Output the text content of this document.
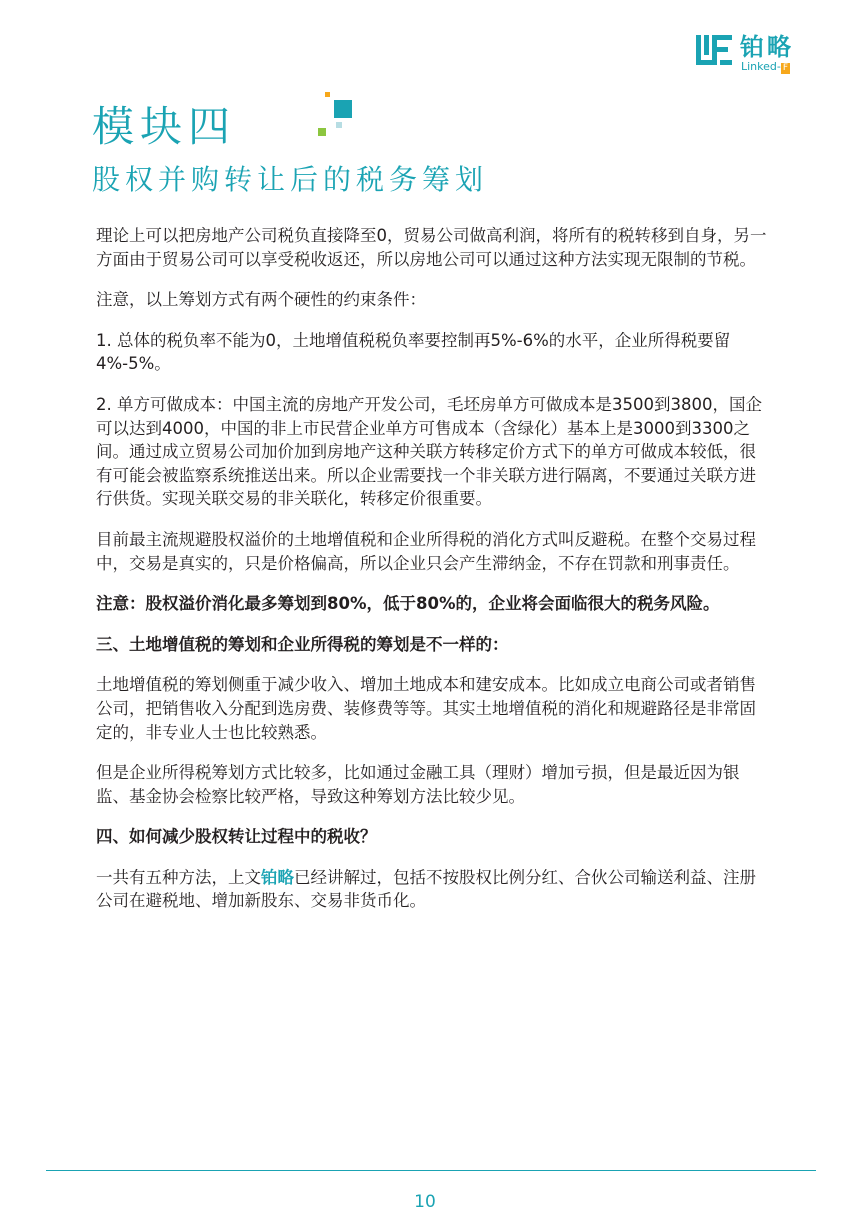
铂略
Linked- F
模块四
股权并购转让后的税务筹划

理论上可以把房地产公司税负直接降至0，贸易公司做高利润，将所有的税转移到自身，另一方面由于贸易公司可以享受税收返还，所以房地公司可以通过这种方法实现无限制的节税。

注意，以上筹划方式有两个硬性的约束条件：

1. 总体的税负率不能为0，土地增值税税负率要控制再5%-6%的水平，企业所得税要留4%-5%。

2. 单方可做成本：中国主流的房地产开发公司，毛坯房单方可做成本是3500到3800，国企可以达到4000，中国的非上市民营企业单方可售成本（含绿化）基本上是3000到3300之间。通过成立贸易公司加价加到房地产这种关联方转移定价方式下的单方可做成本较低，很有可能会被监察系统推送出来。所以企业需要找一个非关联方进行隔离，不要通过关联方进行供货。实现关联交易的非关联化，转移定价很重要。

目前最主流规避股权溢价的土地增值税和企业所得税的消化方式叫反避税。在整个交易过程中，交易是真实的，只是价格偏高，所以企业只会产生滞纳金，不存在罚款和刑事责任。

注意：股权溢价消化最多筹划到80%，低于80%的，企业将会面临很大的税务风险。

三、土地增值税的筹划和企业所得税的筹划是不一样的：

土地增值税的筹划侧重于减少收入、增加土地成本和建安成本。比如成立电商公司或者销售公司，把销售收入分配到选房费、装修费等等。其实土地增值税的消化和规避路径是非常固定的，非专业人士也比较熟悉。

但是企业所得税筹划方式比较多，比如通过金融工具（理财）增加亏损，但是最近因为银监、基金协会检察比较严格，导致这种筹划方法比较少见。

四、如何减少股权转让过程中的税收？

一共有五种方法，上文铂略已经讲解过，包括不按股权比例分红、合伙公司输送利益、注册公司在避税地、增加新股东、交易非货币化。

10
